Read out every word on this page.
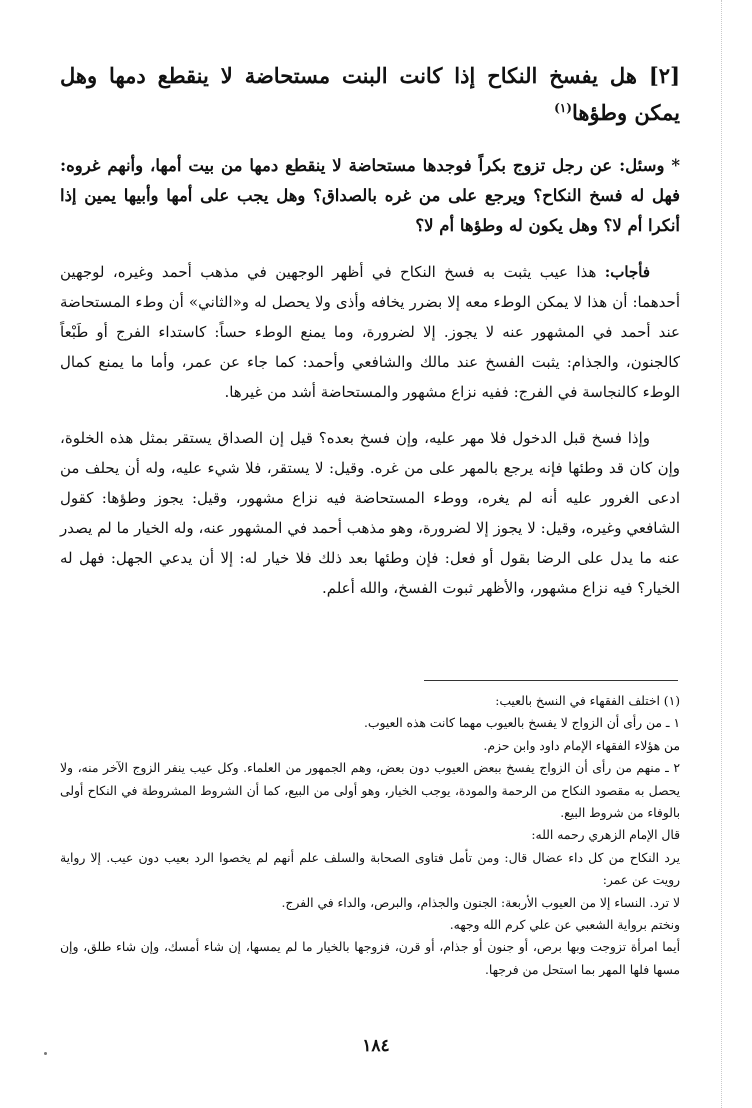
[٢] هل يفسخ النكاح إذا كانت البنت مستحاضة لا ينقطع دمها وهل يمكن وطؤها$^{(١)}$

* وسئل: عن رجل تزوج بكراً فوجدها مستحاضة لا ينقطع دمها من بيت أمها، وأنهم غروه: فهل له فسخ النكاح؟ ويرجع على من غره بالصداق؟ وهل يجب على أمها وأبيها يمين إذا أنكرا أم لا؟ وهل يكون له وطؤها أم لا؟

فأجاب: هذا عيب يثبت به فسخ النكاح في أظهر الوجهين في مذهب أحمد وغيره، لوجهين أحدهما: أن هذا لا يمكن الوطء معه إلا بضرر يخافه وأذى ولا يحصل له و«الثاني» أن وطء المستحاضة عند أحمد في المشهور عنه لا يجوز. إلا لضرورة، وما يمنع الوطء حساً: كاستداء الفرج أو طَبْعاً كالجنون، والجذام: يثبت الفسخ عند مالك والشافعي وأحمد: كما جاء عن عمر، وأما ما يمنع كمال الوطء كالنجاسة في الفرج: ففيه نزاع مشهور والمستحاضة أشد من غيرها.

وإذا فسخ قبل الدخول فلا مهر عليه، وإن فسخ بعده؟ قيل إن الصداق يستقر بمثل هذه الخلوة، وإن كان قد وطئها فإنه يرجع بالمهر على من غره. وقيل: لا يستقر، فلا شيء عليه، وله أن يحلف من ادعى الغرور عليه أنه لم يغره، ووطء المستحاضة فيه نزاع مشهور، وقيل: يجوز وطؤها: كقول الشافعي وغيره، وقيل: لا يجوز إلا لضرورة، وهو مذهب أحمد في المشهور عنه، وله الخيار ما لم يصدر عنه ما يدل على الرضا بقول أو فعل: فإن وطئها بعد ذلك فلا خيار له: إلا أن يدعي الجهل: فهل له الخيار؟ فيه نزاع مشهور، والأظهر ثبوت الفسخ، والله أعلم.

(١) اختلف الفقهاء في النسخ بالعيب:

١ ـ من رأى أن الزواج لا يفسخ بالعيوب مهما كانت هذه العيوب.

من هؤلاء الفقهاء الإمام داود وابن حزم.

٢ ـ منهم من رأى أن الزواج يفسخ ببعض العيوب دون بعض، وهم الجمهور من العلماء. وكل عيب ينفر الزوج الآخر منه، ولا يحصل به مقصود النكاح من الرحمة والمودة، يوجب الخيار، وهو أولى من البيع، كما أن الشروط المشروطة في النكاح أولى بالوفاء من شروط البيع.

قال الإمام الزهري رحمه الله:

يرد النكاح من كل داء عضال قال: ومن تأمل فتاوى الصحابة والسلف علم أنهم لم يخصوا الرد بعيب دون عيب. إلا رواية رويت عن عمر:

لا ترد. النساء إلا من العيوب الأربعة: الجنون والجذام، والبرص، والداء في الفرج.

ونختم برواية الشعبي عن علي كرم الله وجهه.

أيما امرأة تزوجت وبها برص، أو جنون أو جذام، أو قرن، فزوجها بالخيار ما لم يمسها، إن شاء أمسك، وإن شاء طلق، وإن مسها فلها المهر بما استحل من فرجها.

١٨٤
